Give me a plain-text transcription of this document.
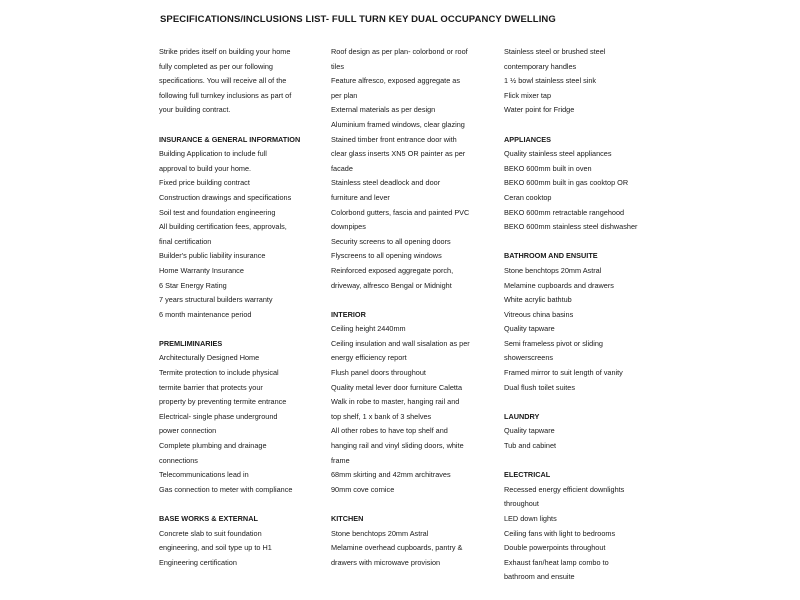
SPECIFICATIONS/INCLUSIONS LIST- FULL TURN KEY DUAL OCCUPANCY DWELLING
Strike prides itself on building your home
fully completed as per our following
specifications. You will receive all of the
following full turnkey inclusions as part of
your building contract.
INSURANCE & GENERAL INFORMATION
Building Application to include full
approval to build your home.
Fixed price building contract
Construction drawings and specifications
Soil test and foundation engineering
All building certification fees, approvals,
final certification
Builder's public liability insurance
Home Warranty Insurance
6 Star Energy Rating
7 years structural builders warranty
6 month maintenance period
PREMLIMINARIES
Architecturally Designed Home
Termite protection to include physical
termite barrier that protects your
property by preventing termite entrance
Electrical- single phase underground
power connection
Complete plumbing and drainage
connections
Telecommunications lead in
Gas connection to meter with compliance
BASE WORKS & EXTERNAL
Concrete slab to suit foundation
engineering, and soil type up to H1
Engineering certification
Roof design as per plan- colorbond or roof
tiles
Feature alfresco, exposed aggregate as
per plan
External materials as per design
Aluminium framed windows, clear glazing
Stained timber front entrance door with
clear glass inserts XN5 OR painter as per
facade
Stainless steel deadlock and door
furniture and lever
Colorbond gutters, fascia and painted PVC
downpipes
Security screens to all opening doors
Flyscreens to all opening windows
Reinforced exposed aggregate porch,
driveway, alfresco Bengal or Midnight
INTERIOR
Ceiling height 2440mm
Ceiling insulation and wall sisalation as per
energy efficiency report
Flush panel doors throughout
Quality metal lever door furniture Caletta
Walk in robe to master, hanging rail and
top shelf, 1 x bank of 3 shelves
All other robes to have top shelf and
hanging rail and vinyl sliding doors, white
frame
68mm skirting and 42mm architraves
90mm cove cornice
KITCHEN
Stone benchtops 20mm Astral
Melamine overhead cupboards, pantry &
drawers with microwave provision
Stainless steel or brushed steel
contemporary handles
1 ½ bowl stainless steel sink
Flick mixer tap
Water point for Fridge
APPLIANCES
Quality stainless steel appliances
BEKO 600mm built in oven
BEKO 600mm built in gas cooktop OR
Ceran cooktop
BEKO 600mm retractable rangehood
BEKO 600mm stainless steel dishwasher
BATHROOM AND ENSUITE
Stone benchtops 20mm Astral
Melamine cupboards and drawers
White acrylic bathtub
Vitreous china basins
Quality tapware
Semi frameless pivot or sliding
showerscreens
Framed mirror to suit length of vanity
Dual flush toilet suites
LAUNDRY
Quality tapware
Tub and cabinet
ELECTRICAL
Recessed energy efficient downlights
throughout
LED down lights
Ceiling fans with light to bedrooms
Double powerpoints throughout
Exhaust fan/heat lamp combo to
bathroom and ensuite
